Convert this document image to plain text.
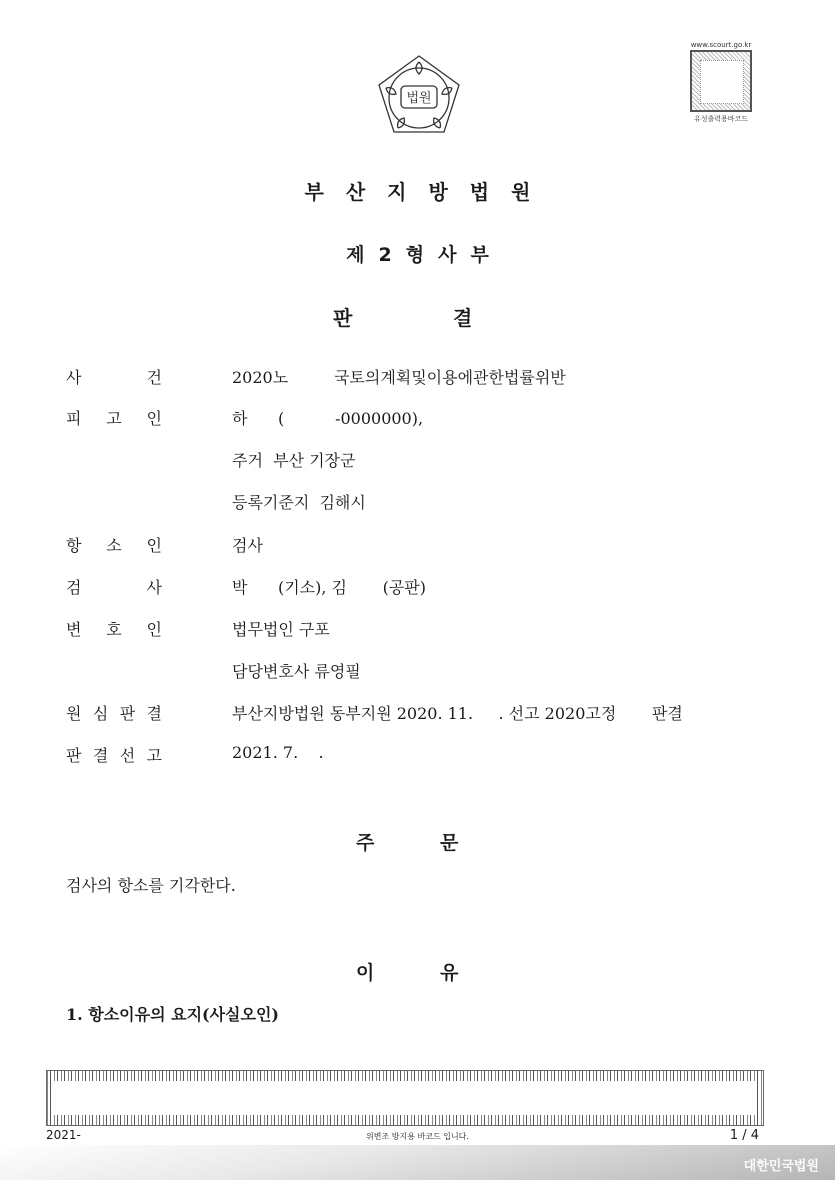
법원
www.scourt.go.kr
유성출력용바코드
부산지방법원
제2형사부
판	결
사	건	2020노         국토의계획및이용에관한법률위반
피 고 인	하      (          -0000000),
주거  부산 기장군
등록기준지  김해시
항 소 인	검사
검	사	박      (기소), 김       (공판)
변 호 인	법무법인 구포
담당변호사 류영필
원 심 판 결	부산지방법원 동부지원 2020. 11.     . 선고 2020고정       판결
판 결 선 고	2021. 7.    .
주	문
검사의 항소를 기각한다.
이	유
1. 항소이유의 요지(사실오인)
2021-	위변조 방지용 바코드 입니다.	1 / 4
대한민국법원
